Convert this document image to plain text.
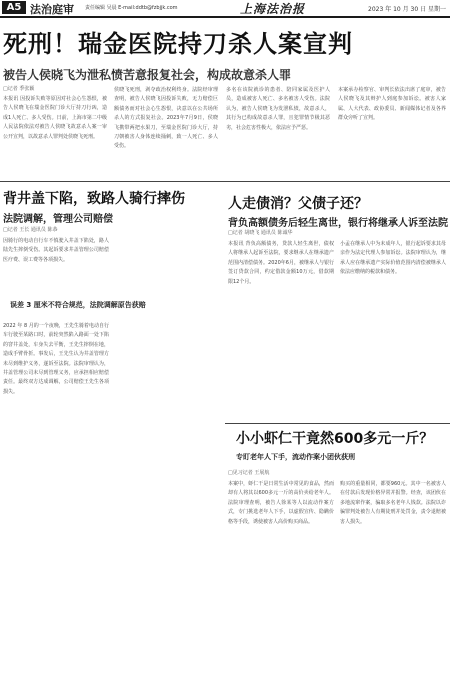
A5 法治庭审 责任编辑 吴晨 E-mail:ddtb@fzbjjk.com	上海法治报	2023 年 10 月 30 日 星期一
死刑！瑞金医院持刀杀人案宣判
被告人侯晓飞为泄私愤苦意报复社会，构成故意杀人罪
□记者 季张颖
本报讯 因投诉失败等原因对社会心生怨恨，被告人侯晓飞在瑞金医院门诊大厅持刀行凶，造成1人死亡、多人受伤。日前，上海市第二中级人民法院依法对被告人侯晓飞故意杀人案一审公开宣判，以故意杀人罪判处侯晓飞死刑。
侯晓飞死刑，剥夺政治权利终身。法院经审理查明，被告人侯晓飞因投诉失败，无力赔偿巨额债务而对社会心生怨恨，决意以在公共场所杀人的方式报复社会。2023年7月9日，侯晓飞携带两把水果刀，至瑞金医院门诊大厅，持刀朝被害人身体连续捅刺，致一人死亡、多人受伤。
多名在该院就诊的患者、陪同家属及医护人员，造成被害人死亡、多名被害人受伤。法院认为，被告人侯晓飞为发泄私愤，故意杀人，其行为已构成故意杀人罪，且犯罪情节极其恶劣，社会危害性极大，依法应予严惩。
本案承办检察官、审判长依法出席了庭审，被告人侯晓飞及其辩护人到庭参加诉讼。被害人家属、人大代表、政协委员、新闻媒体记者及各界群众旁听了宣判。
背井盖下陷，致路人骑行摔伤
法院调解，管理公司赔偿
□记者 王长 通讯员 陈恭
因骑行的电动自行车不慎驶入井盖下陷处，路人陆先生摔倒受伤。其起诉要求井盖管理公司赔偿医疗费、误工费等各项损失。
误差 3 厘米不符合规范，法院调解原告获赔
2022 年 8 月的一个夜晚，王先生骑着电动自行车行驶至某路口时，前轮突然陷入路面一处下陷的窨井盖处，车身失去平衡，王先生摔倒在地，造成手臂骨折。事发后，王先生认为井盖管理方未尽到维护义务，遂诉至法院。法院审理认为，井盖管理公司未尽到管理义务，应承担相应赔偿责任。最终双方达成调解，公司赔偿王先生各项损失。
人走债消？父债子还？
背负高额债务后轻生离世，银行将继承人诉至法院
□记者 胡晓飞 通讯员 陈诚华
本报讯 背负高额债务，贷款人轻生离世，债权人将继承人起诉至法院，要求继承人在继承遗产范围内清偿债务。2020年6月，被继承人与银行签订贷款合同，约定借款金额10万元，借款期限12个月。
小孟在继承人中为未成年人，银行起诉要求其母亲作为法定代理人参加诉讼。法院审理认为，继承人应在继承遗产实际价值范围内清偿被继承人依法应缴纳的税款和债务。
小小虾仁干竟然600多元一斤？
专盯老年人下手，流动作案小团伙获刑
□见习记者 王展航
本案中，虾仁干是日常生活中常见的食品，然而却有人将其以600多元一斤的高价卖给老年人。法院审理查明，被告人徐某等人以流动作案方式，专门挑选老年人下手，以虚假宣传、隐瞒价格等手段，诱使被害人高价购买商品。
购买的重量相同，都要960元。其中一名被害人在付款后发现价格异常并报警。经查，该团伙在多地流窜作案，骗取多名老年人钱款。法院以诈骗罪判处被告人有期徒刑并处罚金，责令退赔被害人损失。
